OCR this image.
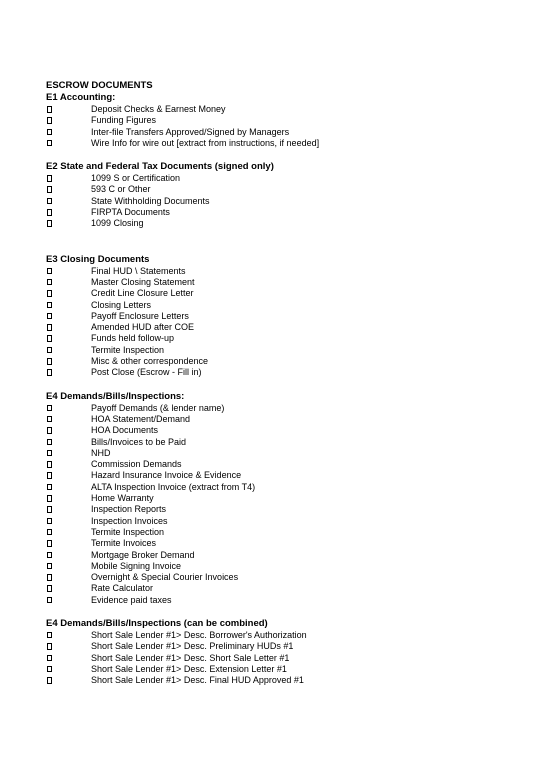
ESCROW DOCUMENTS
E1 Accounting:
Deposit Checks & Earnest Money
Funding Figures
Inter-file Transfers Approved/Signed by Managers
Wire Info for wire out [extract from instructions, if needed]
E2 State and Federal Tax Documents (signed only)
1099 S or Certification
593 C or Other
State Withholding Documents
FIRPTA Documents
1099 Closing
E3 Closing Documents
Final HUD \ Statements
Master Closing Statement
Credit Line Closure Letter
Closing Letters
Payoff Enclosure Letters
Amended HUD after COE
Funds held follow-up
Termite Inspection
Misc & other correspondence
Post Close (Escrow - Fill in)
E4 Demands/Bills/Inspections:
Payoff Demands (& lender name)
HOA Statement/Demand
HOA Documents
Bills/Invoices to be Paid
NHD
Commission Demands
Hazard Insurance Invoice & Evidence
ALTA Inspection Invoice (extract from T4)
Home Warranty
Inspection Reports
Inspection Invoices
Termite Inspection
Termite Invoices
Mortgage Broker Demand
Mobile Signing Invoice
Overnight & Special Courier Invoices
Rate Calculator
Evidence paid taxes
E4 Demands/Bills/Inspections (can be combined)
Short Sale Lender #1> Desc. Borrower's Authorization
Short Sale Lender #1> Desc. Preliminary HUDs #1
Short Sale Lender #1> Desc. Short Sale Letter #1
Short Sale Lender #1> Desc. Extension Letter #1
Short Sale Lender #1> Desc. Final HUD Approved #1
